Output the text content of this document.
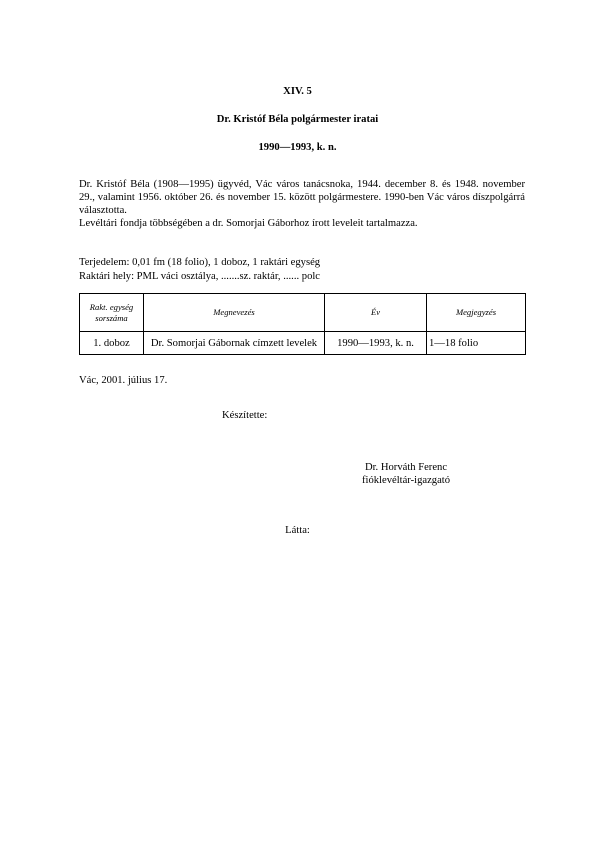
XIV. 5
Dr. Kristóf Béla polgármester iratai
1990—1993, k. n.

Dr. Kristóf Béla (1908—1995) ügyvéd, Vác város tanácsnoka, 1944. december 8. és 1948. november 29., valamint 1956. október 26. és november 15. között polgármestere. 1990-ben Vác város díszpolgárrá választotta.

Levéltári fondja többségében a dr. Somorjai Gáborhoz írott leveleit tartalmazza.

Terjedelem: 0,01 fm (18 folio), 1 doboz, 1 raktári egység
Raktári hely: PML váci osztálya, .......sz. raktár, ...... polc
Rakt. egység
sorszáma	Megnevezés	Év	Megjegyzés
1. doboz	Dr. Somorjai Gábornak címzett levelek	1990—1993, k. n.	1—18 folio
Vác, 2001. július 17.
Készítette:
Dr. Horváth Ferenc
fióklevéltár-igazgató
Látta:
